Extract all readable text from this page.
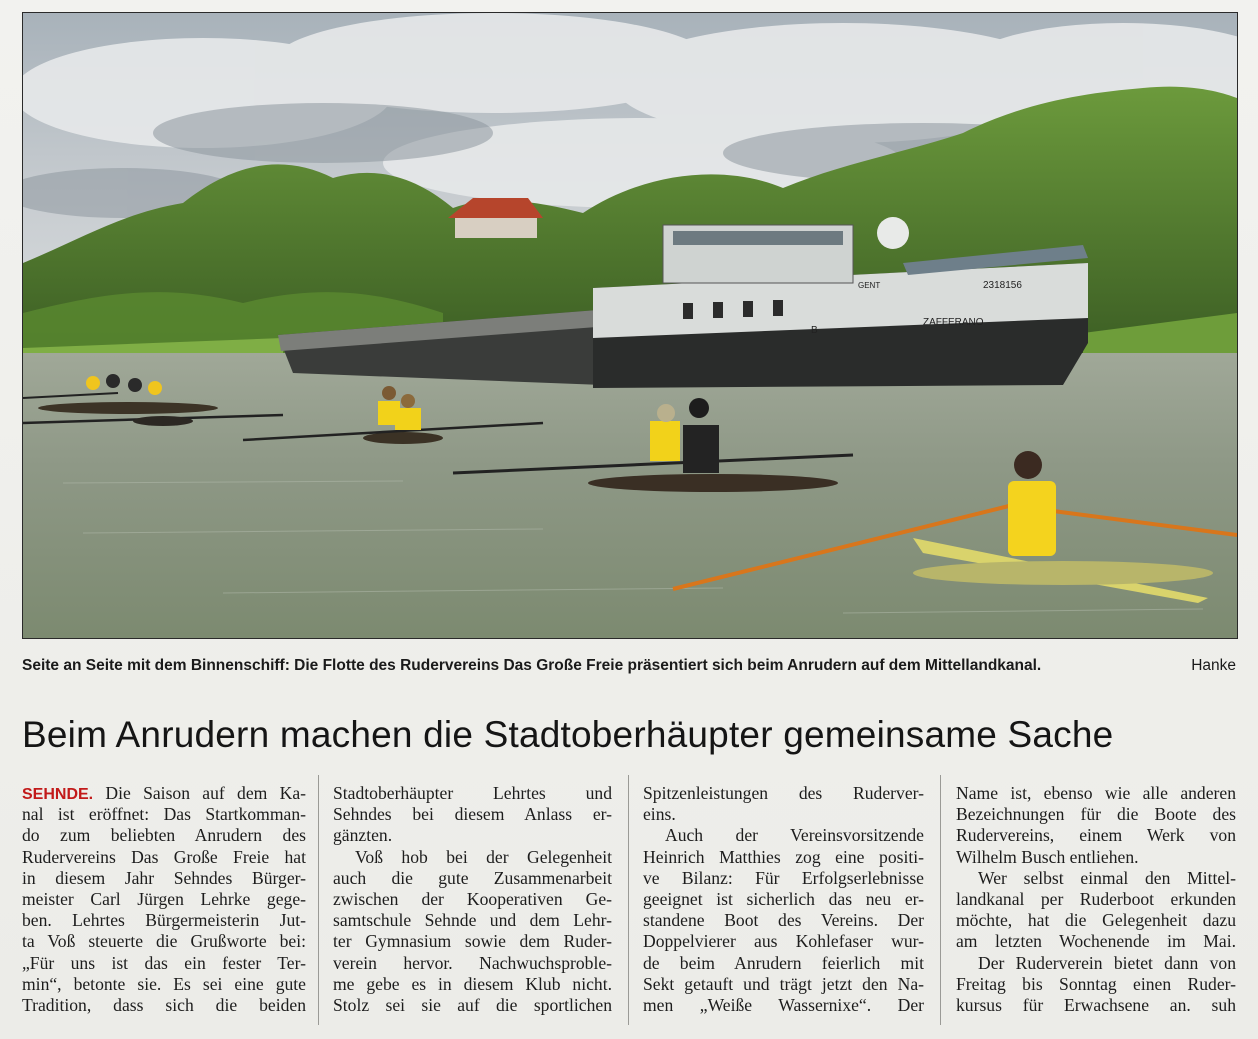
2318156
ZAFFERANO
B
GENT
Seite an Seite mit dem Binnenschiff: Die Flotte des Rudervereins Das Große Freie präsentiert sich beim Anrudern auf dem Mittellandkanal.	Hanke
Beim Anrudern machen die Stadtoberhäupter gemeinsame Sache
SEHNDE. Die Saison auf dem Ka-
nal ist eröffnet: Das Startkomman-
do zum beliebten Anrudern des
Rudervereins Das Große Freie hat
in diesem Jahr Sehndes Bürger-
meister Carl Jürgen Lehrke gege-
ben. Lehrtes Bürgermeisterin Jut-
ta Voß steuerte die Grußworte bei:
„Für uns ist das ein fester Ter-
min“, betonte sie. Es sei eine gute
Tradition, dass sich die beiden
Stadtoberhäupter Lehrtes und
Sehndes bei diesem Anlass er-
gänzten.
Voß hob bei der Gelegenheit
auch die gute Zusammenarbeit
zwischen der Kooperativen Ge-
samtschule Sehnde und dem Lehr-
ter Gymnasium sowie dem Ruder-
verein hervor. Nachwuchsproble-
me gebe es in diesem Klub nicht.
Stolz sei sie auf die sportlichen
Spitzenleistungen des Ruderver-
eins.
Auch der Vereinsvorsitzende
Heinrich Matthies zog eine positi-
ve Bilanz: Für Erfolgserlebnisse
geeignet ist sicherlich das neu er-
standene Boot des Vereins. Der
Doppelvierer aus Kohlefaser wur-
de beim Anrudern feierlich mit
Sekt getauft und trägt jetzt den Na-
men „Weiße Wassernixe“. Der
Name ist, ebenso wie alle anderen
Bezeichnungen für die Boote des
Rudervereins, einem Werk von
Wilhelm Busch entliehen.
Wer selbst einmal den Mittel-
landkanal per Ruderboot erkunden
möchte, hat die Gelegenheit dazu
am letzten Wochenende im Mai.
Der Ruderverein bietet dann von
Freitag bis Sonntag einen Ruder-
kursus für Erwachsene an. suh
